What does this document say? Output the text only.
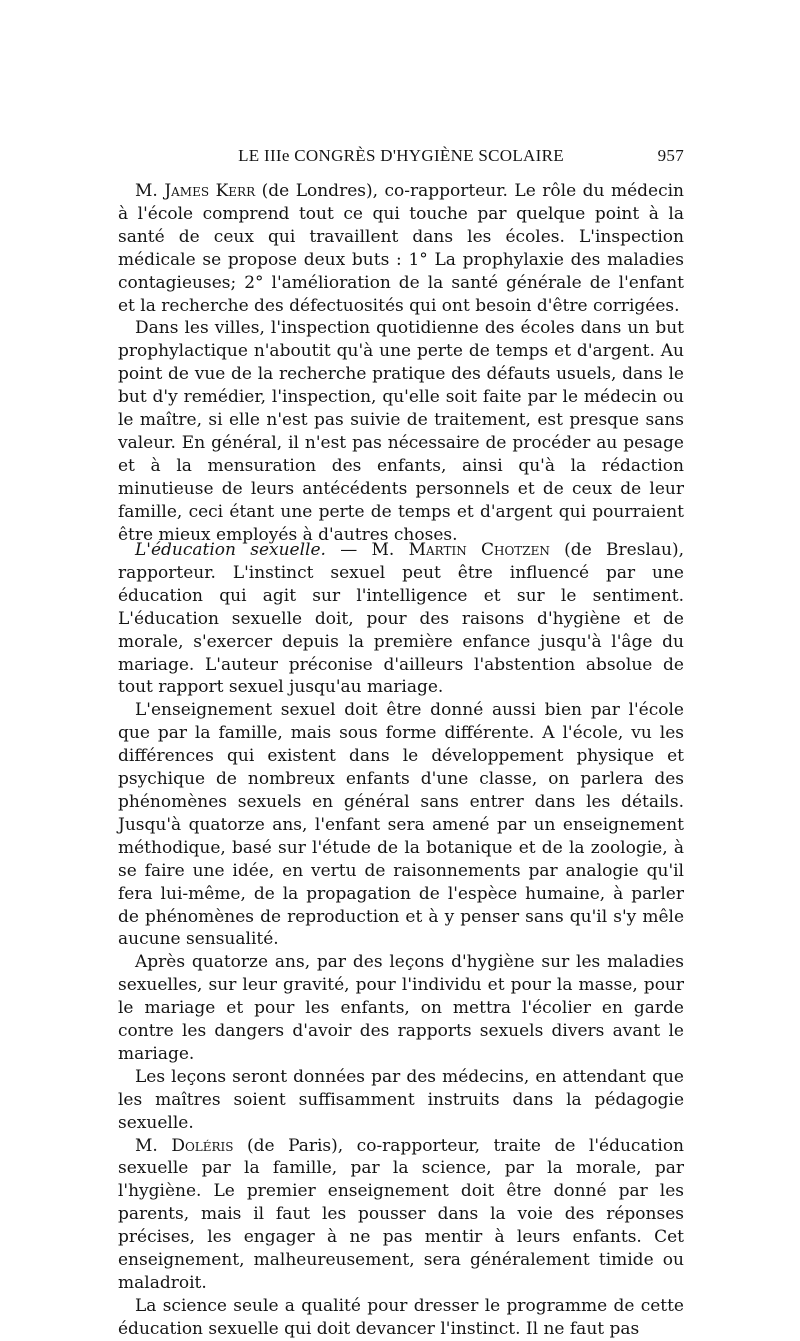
LE IIIe CONGRÈS D'HYGIÈNE SCOLAIRE	957

M. James Kerr (de Londres), co-rapporteur. Le rôle du médecin à l'école comprend tout ce qui touche par quelque point à la santé de ceux qui travaillent dans les écoles. L'inspection médicale se propose deux buts : 1° La prophylaxie des maladies contagieuses; 2° l'amélioration de la santé générale de l'enfant et la recherche des défectuosités qui ont besoin d'être corrigées.

Dans les villes, l'inspection quotidienne des écoles dans un but prophylactique n'aboutit qu'à une perte de temps et d'argent. Au point de vue de la recherche pratique des défauts usuels, dans le but d'y remédier, l'inspection, qu'elle soit faite par le médecin ou le maître, si elle n'est pas suivie de traitement, est presque sans valeur. En général, il n'est pas nécessaire de procéder au pesage et à la mensuration des enfants, ainsi qu'à la rédaction minutieuse de leurs antécédents personnels et de ceux de leur famille, ceci étant une perte de temps et d'argent qui pourraient être mieux employés à d'autres choses.

L'éducation sexuelle. — M. Martin Chotzen (de Breslau), rapporteur. L'instinct sexuel peut être influencé par une éducation qui agit sur l'intelligence et sur le sentiment. L'éducation sexuelle doit, pour des raisons d'hygiène et de morale, s'exercer depuis la première enfance jusqu'à l'âge du mariage. L'auteur préconise d'ailleurs l'abstention absolue de tout rapport sexuel jusqu'au mariage.

L'enseignement sexuel doit être donné aussi bien par l'école que par la famille, mais sous forme différente. A l'école, vu les différences qui existent dans le développement physique et psychique de nombreux enfants d'une classe, on parlera des phénomènes sexuels en général sans entrer dans les détails. Jusqu'à quatorze ans, l'enfant sera amené par un enseignement méthodique, basé sur l'étude de la botanique et de la zoologie, à se faire une idée, en vertu de raisonnements par analogie qu'il fera lui-même, de la propagation de l'espèce humaine, à parler de phénomènes de reproduction et à y penser sans qu'il s'y mêle aucune sensualité.

Après quatorze ans, par des leçons d'hygiène sur les maladies sexuelles, sur leur gravité, pour l'individu et pour la masse, pour le mariage et pour les enfants, on mettra l'écolier en garde contre les dangers d'avoir des rapports sexuels divers avant le mariage.

Les leçons seront données par des médecins, en attendant que les maîtres soient suffisamment instruits dans la pédagogie sexuelle.

M. Doléris (de Paris), co-rapporteur, traite de l'éducation sexuelle par la famille, par la science, par la morale, par l'hygiène. Le premier enseignement doit être donné par les parents, mais il faut les pousser dans la voie des réponses précises, les engager à ne pas mentir à leurs enfants. Cet enseignement, malheureusement, sera généralement timide ou maladroit.

La science seule a qualité pour dresser le programme de cette éducation sexuelle qui doit devancer l'instinct. Il ne faut pas
